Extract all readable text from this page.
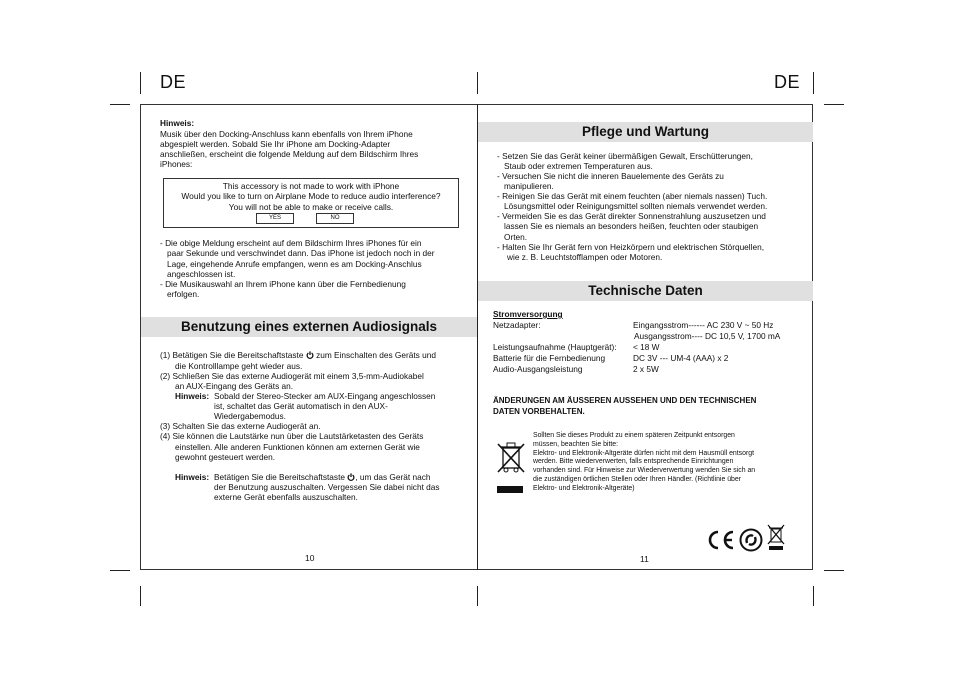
DE
Hinweis:
Musik über den Docking-Anschluss kann ebenfalls von Ihrem iPhone
abgespielt werden. Sobald Sie Ihr iPhone am Docking-Adapter
anschließen, erscheint die folgende Meldung auf dem Bildschirm Ihres
iPhones:
This accessory is not made to work with iPhone
Would you like to turn on Airplane Mode to reduce audio interference?
You will not be able to make or receive calls.
YES	NO
- Die obige Meldung erscheint auf dem Bildschirm Ihres iPhones für ein
paar Sekunde und verschwindet dann. Das iPhone ist jedoch noch in der
Lage, eingehende Anrufe empfangen, wenn es am Docking-Anschlus
angeschlossen ist.
- Die Musikauswahl an Ihrem iPhone kann über die Fernbedienung
erfolgen.
Benutzung eines externen Audiosignals
(1) Betätigen Sie die Bereitschaftstaste zum Einschalten des Geräts und
die Kontrolllampe geht wieder aus.
(2) Schließen Sie das externe Audiogerät mit einem 3,5-mm-Audiokabel
an AUX-Eingang des Geräts an.
Hinweis: Sobald der Stereo-Stecker am AUX-Eingang angeschlossen
ist, schaltet das Gerät automatisch in den AUX-
Wiedergabemodus.
(3) Schalten Sie das externe Audiogerät an.
(4) Sie können die Lautstärke nun über die Lautstärketasten des Geräts
einstellen. Alle anderen Funktionen können am externen Gerät wie
gewohnt gesteuert werden.
Hinweis: Betätigen Sie die Bereitschaftstaste , um das Gerät nach
der Benutzung auszuschalten. Vergessen Sie dabei nicht das
externe Gerät ebenfalls auszuschalten.
10
DE
Pflege und Wartung
- Setzen Sie das Gerät keiner übermäßigen Gewalt, Erschütterungen,
Staub oder extremen Temperaturen aus.
- Versuchen Sie nicht die inneren Bauelemente des Geräts zu
manipulieren.
- Reinigen Sie das Gerät mit einem feuchten (aber niemals nassen) Tuch.
Lösungsmittel oder Reinigungsmittel sollten niemals verwendet werden.
- Vermeiden Sie es das Gerät direkter Sonnenstrahlung auszusetzen und
lassen Sie es niemals an besonders heißen, feuchten oder staubigen
Orten.
- Halten Sie Ihr Gerät fern von Heizkörpern und elektrischen Störquellen,
wie z. B. Leuchtstofflampen oder Motoren.
Technische Daten
Stromversorgung
Netzadapter:	Eingangsstrom------ AC 230 V ~ 50 Hz
Ausgangsstrom---- DC 10,5 V, 1700 mA
Leistungsaufnahme (Hauptgerät): < 18 W
Batterie für die Fernbedienung	DC 3V --- UM-4 (AAA) x 2
Audio-Ausgangsleistung	2 x 5W
ÄNDERUNGEN AM ÄUSSEREN AUSSEHEN UND DEN TECHNISCHEN
DATEN VORBEHALTEN.
Sollten Sie dieses Produkt zu einem späteren Zeitpunkt entsorgen
müssen, beachten Sie bitte:
Elektro- und Elektronik-Altgeräte dürfen nicht mit dem Hausmüll entsorgt
werden. Bitte wiederverwerten, falls entsprechende Einrichtungen
vorhanden sind. Für Hinweise zur Wiederverwertung wenden Sie sich an
die zuständigen örtlichen Stellen oder Ihren Händler. (Richtlinie über
Elektro- und Elektronik-Altgeräte)
11
